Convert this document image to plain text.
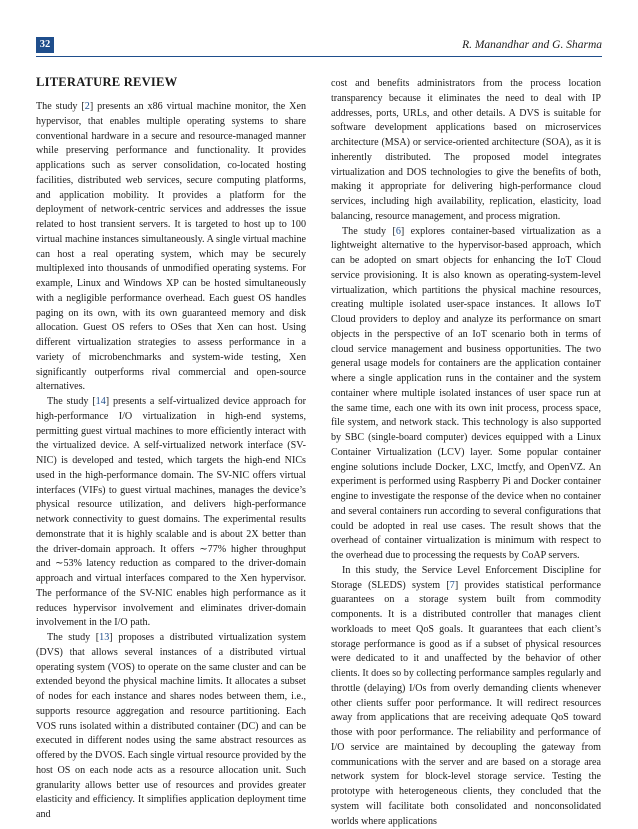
32	R. Manandhar and G. Sharma
LITERATURE REVIEW

The study [2] presents an x86 virtual machine monitor, the Xen hypervisor, that enables multiple operating systems to share conventional hardware in a secure and resource-managed manner while preserving performance and functionality. It provides applications such as server consolidation, co-located hosting facilities, distributed web services, secure computing platforms, and application mobility. It provides a platform for the deployment of network-centric services and addresses the issue related to host transient servers. It is targeted to host up to 100 virtual machine instances simultaneously. A single virtual machine can host a real operating system, which may be securely multiplexed into thousands of unmodified operating systems. For example, Linux and Windows XP can be hosted simultaneously with a negligible performance overhead. Each guest OS handles paging on its own, with its own guaranteed memory and disk allocation. Guest OS refers to OSes that Xen can host. Using different virtualization strategies to assess performance in a variety of microbenchmarks and system-wide testing, Xen significantly outperforms rival commercial and open-source alternatives.

The study [14] presents a self-virtualized device approach for high-performance I/O virtualization in high-end systems, permitting guest virtual machines to more efficiently interact with the virtualized device. A self-virtualized network interface (SV-NIC) is developed and tested, which targets the high-end NICs used in the high-performance domain. The SV-NIC offers virtual interfaces (VIFs) to guest virtual machines, manages the device’s physical resource utilization, and delivers high-performance network connectivity to guest domains. The experimental results demonstrate that it is highly scalable and is about 2X better than the driver-domain approach. It offers ∼77% higher throughput and ∼53% latency reduction as compared to the driver-domain approach and virtual interfaces compared to the Xen hypervisor. The performance of the SV-NIC enables high performance as it reduces hypervisor involvement and eliminates driver-domain involvement in the I/O path.

The study [13] proposes a distributed virtualization system (DVS) that allows several instances of a distributed virtual operating system (VOS) to operate on the same cluster and can be extended beyond the physical machine limits. It allocates a subset of nodes for each instance and shares nodes between them, i.e., supports resource aggregation and resource partitioning. Each VOS runs isolated within a distributed container (DC) and can be executed in different nodes using the same abstract resources as offered by the DVOS. Each single virtual resource provided by the host OS on each node acts as a resource allocation unit. Such granularity allows better use of resources and provides greater elasticity and efficiency. It simplifies application deployment time and

cost and benefits administrators from the process location transparency because it eliminates the need to deal with IP addresses, ports, URLs, and other details. A DVS is suitable for software development applications based on microservices architecture (MSA) or service-oriented architecture (SOA), as it is inherently distributed. The proposed model integrates virtualization and DOS technologies to give the benefits of both, making it appropriate for delivering high-performance cloud services, including high availability, replication, elasticity, load balancing, resource management, and process migration.

The study [6] explores container-based virtualization as a lightweight alternative to the hypervisor-based approach, which can be adopted on smart objects for enhancing the IoT Cloud service provisioning. It is also known as operating-system-level virtualization, which partitions the physical machine resources, creating multiple isolated user-space instances. It allows IoT Cloud providers to deploy and analyze its performance on smart objects in the perspective of an IoT scenario both in terms of cloud service management and business opportunities. The two general usage models for containers are the application container where a single application runs in the container and the system container where multiple isolated instances of user space run at the same time, each one with its own init process, process space, file system, and network stack. This technology is also supported by SBC (single-board computer) devices equipped with a Linux Container Virtualization (LCV) layer. Some popular container engine solutions include Docker, LXC, lmctfy, and OpenVZ. An experiment is performed using Raspberry Pi and Docker container engine to investigate the response of the device when no container and several containers run according to several configurations that could be adopted in real use cases. The result shows that the overhead of container virtualization is minimum with respect to the overhead due to processing the requests by CoAP servers.

In this study, the Service Level Enforcement Discipline for Storage (SLEDS) system [7] provides statistical performance guarantees on a storage system built from commodity components. It is a distributed controller that manages client workloads to meet QoS goals. It guarantees that each client’s storage performance is good as if a subset of physical resources were dedicated to it and unaffected by the behavior of other clients. It does so by collecting performance samples regularly and throttle (delaying) I/Os from overly demanding clients whenever other clients suffer poor performance. It will redirect resources away from applications that are receiving adequate QoS toward those with poor performance. The reliability and performance of I/O service are maintained by decoupling the gateway from communications with the server and are based on a storage area network system for block-level storage service. Testing the prototype with heterogeneous clients, they concluded that the system will facilitate both consolidated and nonconsolidated worlds where applications
